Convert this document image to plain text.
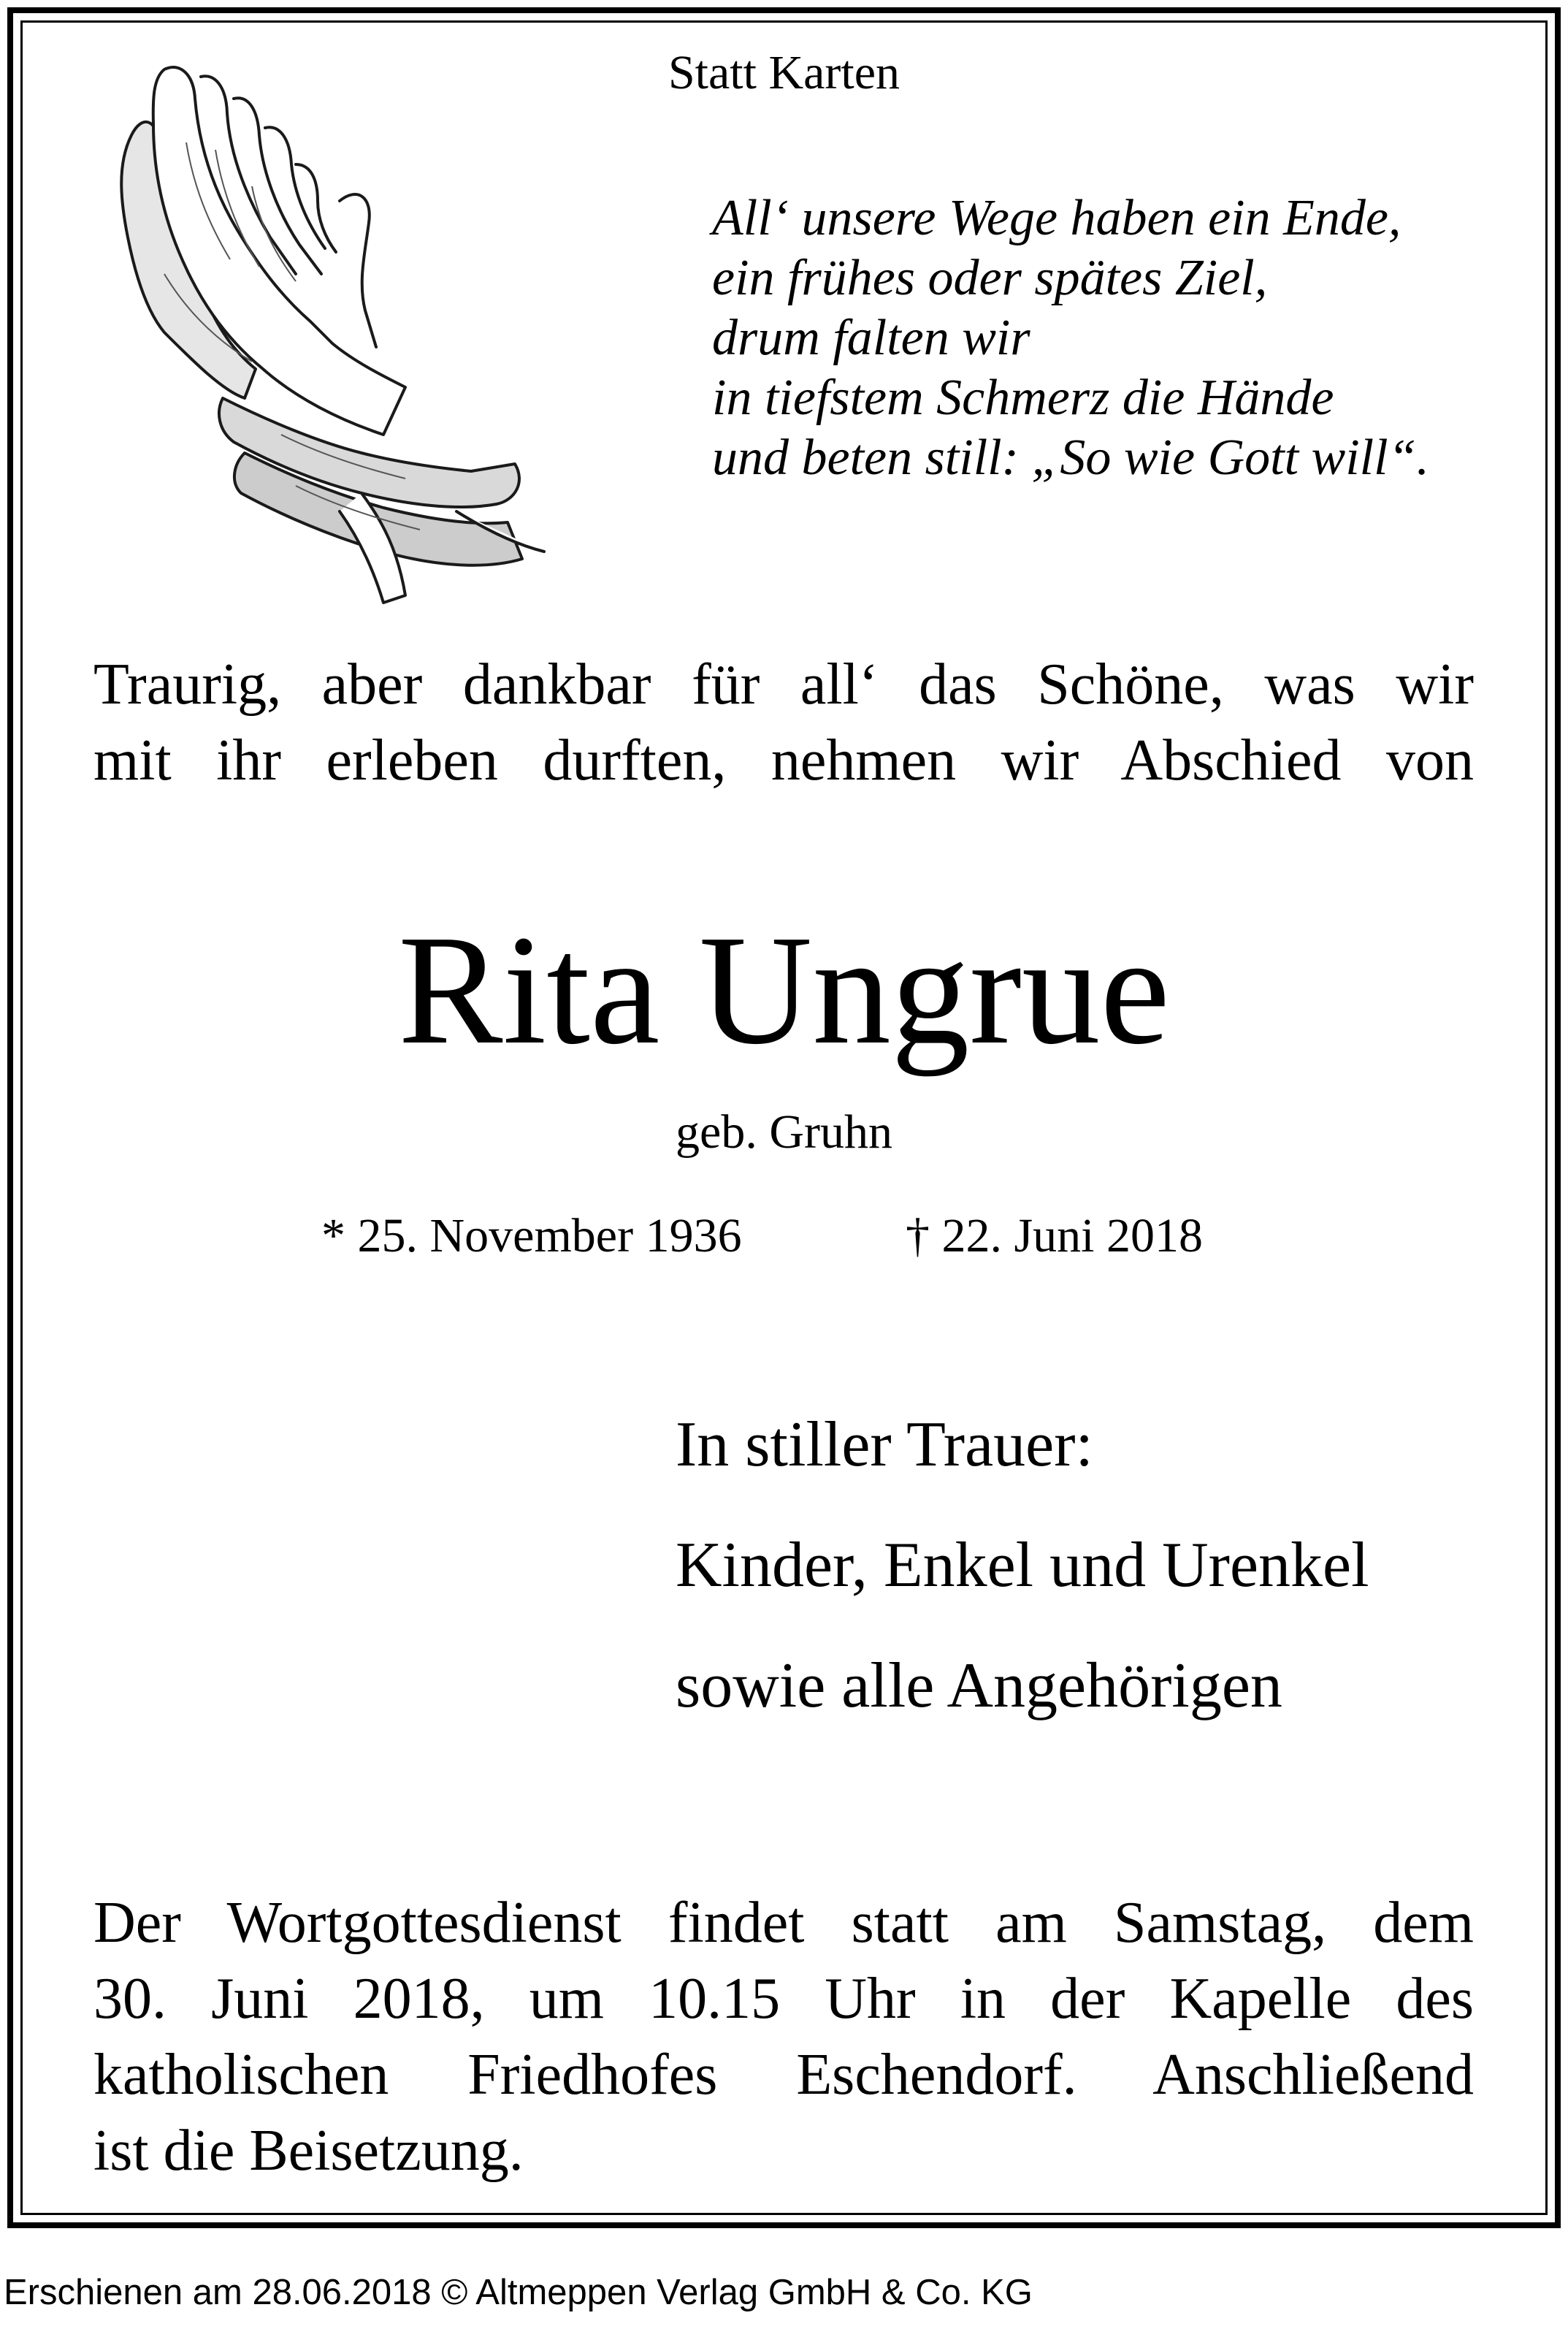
Statt Karten
All‘ unsere Wege haben ein Ende,
ein frühes oder spätes Ziel,
drum falten wir
in tiefstem Schmerz die Hände
und beten still: „So wie Gott will“.
Traurig, aber dankbar für all‘ das Schöne, was wir
mit ihr erleben durften, nehmen wir Abschied von
Rita Ungrue
geb. Gruhn
* 25. November 1936	† 22. Juni 2018
In stiller Trauer:
Kinder, Enkel und Urenkel
sowie alle Angehörigen
Der Wortgottesdienst findet statt am Samstag, dem
30. Juni 2018, um 10.15 Uhr in der Kapelle des
katholischen Friedhofes Eschendorf. Anschließend
ist die Beisetzung.
Erschienen am 28.06.2018 © Altmeppen Verlag GmbH & Co. KG
